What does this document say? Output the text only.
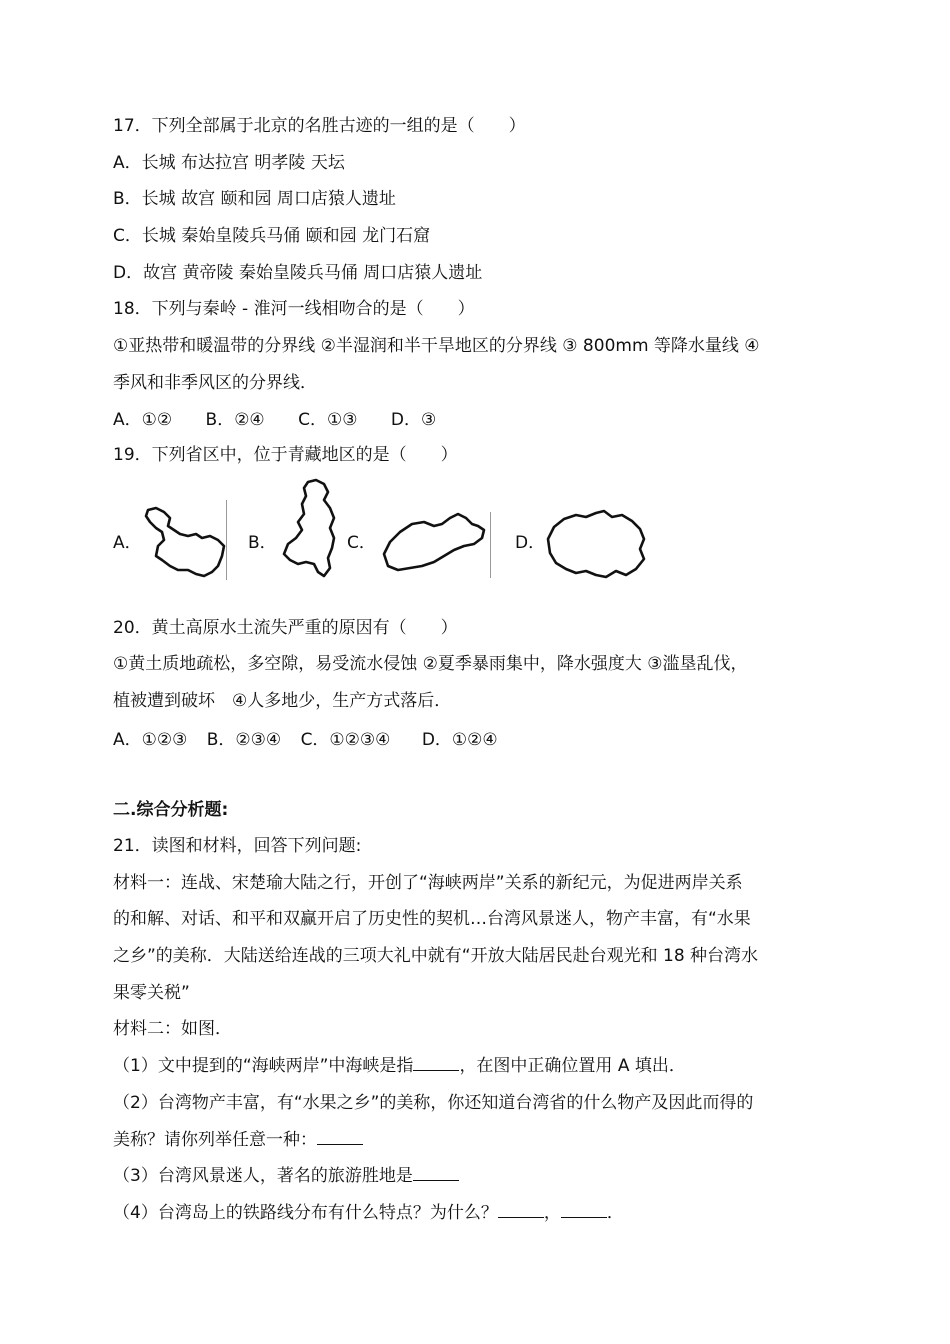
17．下列全部属于北京的名胜古迹的一组的是（　　）
A．长城 布达拉宫 明孝陵 天坛
B．长城 故宫 颐和园 周口店猿人遗址
C．长城 秦始皇陵兵马俑 颐和园 龙门石窟
D．故宫 黄帝陵 秦始皇陵兵马俑 周口店猿人遗址
18．下列与秦岭 - 淮河一线相吻合的是（　　）
①亚热带和暖温带的分界线 ②半湿润和半干旱地区的分界线 ③ 800mm 等降水量线 ④
季风和非季风区的分界线．
A．①② B．②④ C．①③ D．③
19．下列省区中，位于青藏地区的是（　　）
A．	B．	C．	D．
20．黄土高原水土流失严重的原因有（　　）
①黄土质地疏松，多空隙，易受流水侵蚀 ②夏季暴雨集中，降水强度大 ③滥垦乱伐，
植被遭到破坏　④人多地少，生产方式落后．
A．①②③ B．②③④ C．①②③④ D．①②④
二.综合分析题:
21．读图和材料，回答下列问题:
材料一：连战、宋楚瑜大陆之行，开创了“海峡两岸”关系的新纪元，为促进两岸关系
的和解、对话、和平和双赢开启了历史性的契机…台湾风景迷人，物产丰富，有“水果
之乡”的美称．大陆送给连战的三项大礼中就有“开放大陆居民赴台观光和 18 种台湾水
果零关税”
材料二：如图．
（1）文中提到的“海峡两岸”中海峡是指	，在图中正确位置用 A 填出．
（2）台湾物产丰富，有“水果之乡”的美称，你还知道台湾省的什么物产及因此而得的
美称？请你列举任意一种：
（3）台湾风景迷人，著名的旅游胜地是
（4）台湾岛上的铁路线分布有什么特点？为什么？	，	．
